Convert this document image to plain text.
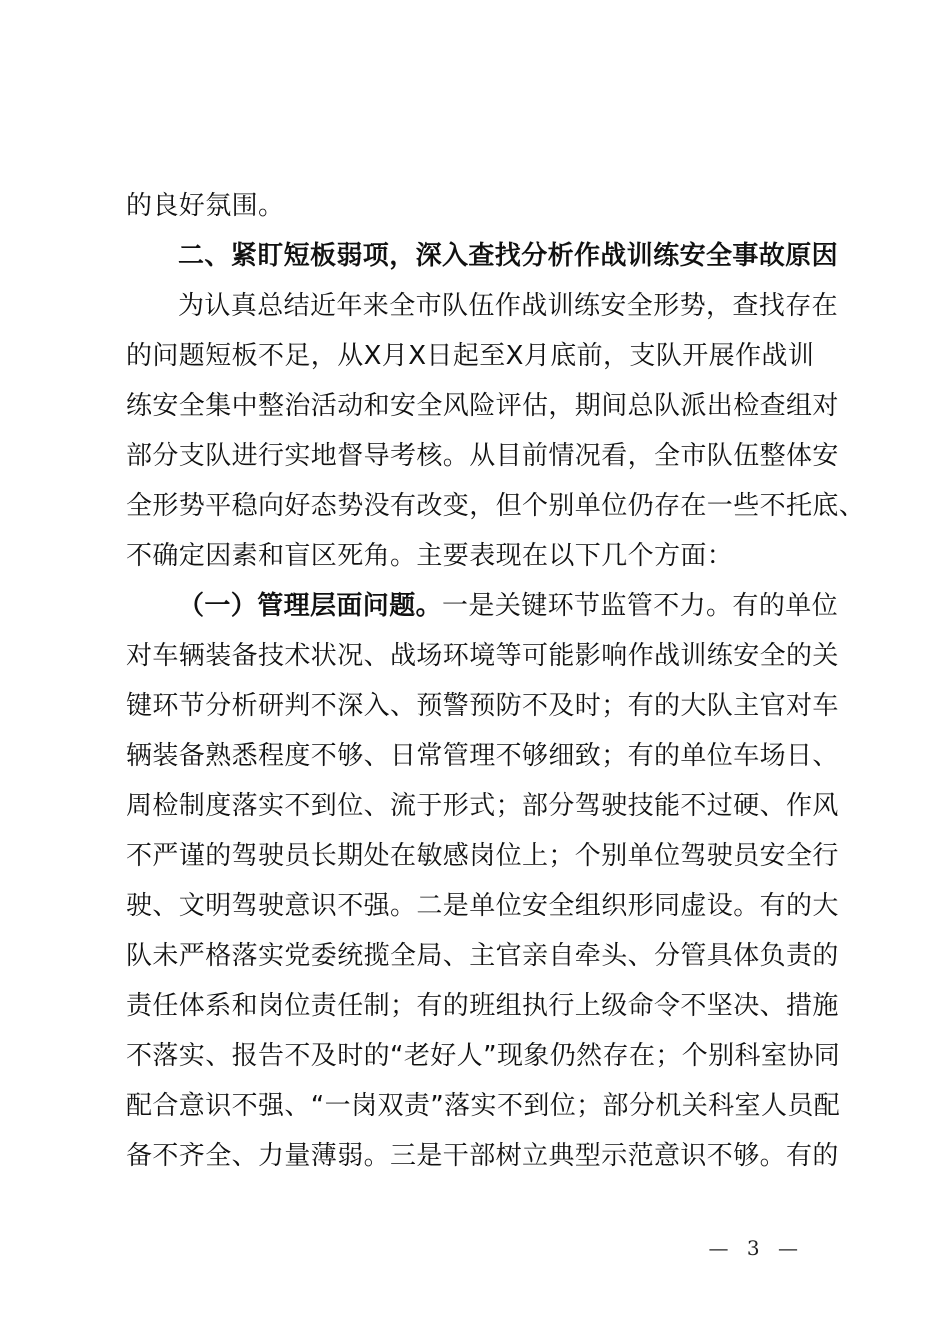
的良好氛围。
二、紧盯短板弱项，深入查找分析作战训练安全事故原因
为认真总结近年来全市队伍作战训练安全形势，查找存在
的问题短板不足，从X月X日起至X月底前，支队开展作战训
练安全集中整治活动和安全风险评估，期间总队派出检查组对
部分支队进行实地督导考核。从目前情况看，全市队伍整体安
全形势平稳向好态势没有改变，但个别单位仍存在一些不托底、
不确定因素和盲区死角。主要表现在以下几个方面：
（一）管理层面问题。一是关键环节监管不力。有的单位
对车辆装备技术状况、战场环境等可能影响作战训练安全的关
键环节分析研判不深入、预警预防不及时；有的大队主官对车
辆装备熟悉程度不够、日常管理不够细致；有的单位车场日、
周检制度落实不到位、流于形式；部分驾驶技能不过硬、作风
不严谨的驾驶员长期处在敏感岗位上；个别单位驾驶员安全行
驶、文明驾驶意识不强。二是单位安全组织形同虚设。有的大
队未严格落实党委统揽全局、主官亲自牵头、分管具体负责的
责任体系和岗位责任制；有的班组执行上级命令不坚决、措施
不落实、报告不及时的“老好人”现象仍然存在；个别科室协同
配合意识不强、“一岗双责”落实不到位；部分机关科室人员配
备不齐全、力量薄弱。三是干部树立典型示范意识不够。有的
— 3 —
